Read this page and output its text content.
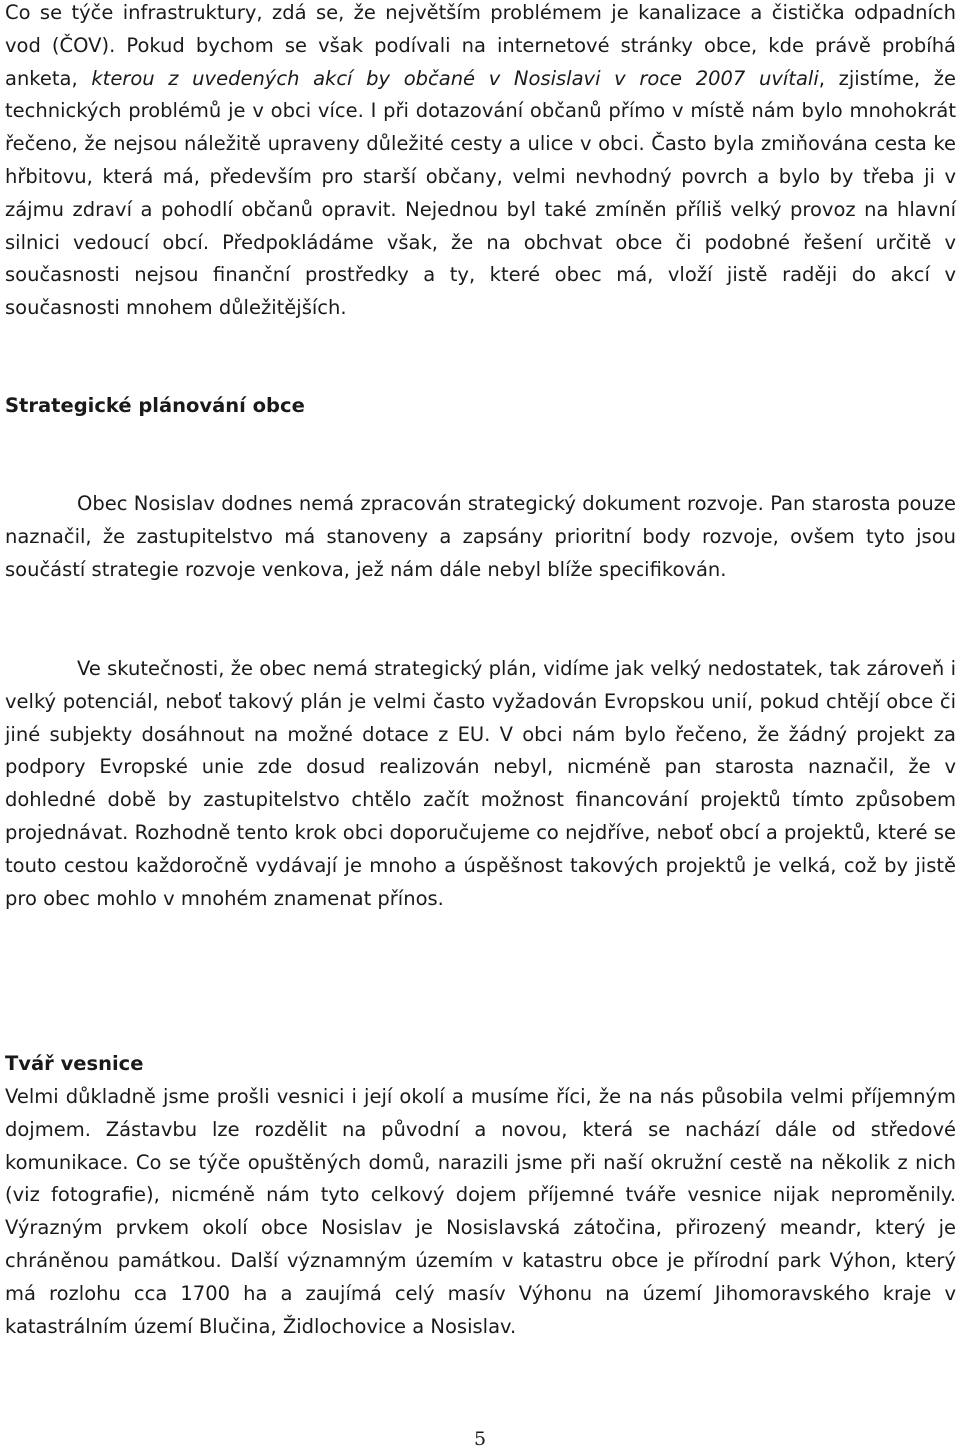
Co se týče infrastruktury, zdá se, že největším problémem je kanalizace a čistička odpadních vod (ČOV). Pokud bychom se však podívali na internetové stránky obce, kde právě probíhá anketa, kterou z uvedených akcí by občané v Nosislavi v roce 2007 uvítali, zjistíme, že technických problémů je v obci více. I při dotazování občanů přímo v místě nám bylo mnohokrát řečeno, že nejsou náležitě upraveny důležité cesty a ulice v obci. Často byla zmiňována cesta ke hřbitovu, která má, především pro starší občany, velmi nevhodný povrch a bylo by třeba ji v zájmu zdraví a pohodlí občanů opravit. Nejednou byl také zmíněn příliš velký provoz na hlavní silnici vedoucí obcí. Předpokládáme však, že na obchvat obce či podobné řešení určitě v současnosti nejsou finanční prostředky a ty, které obec má, vloží jistě raději do akcí v současnosti mnohem důležitějších.

Strategické plánování obce

Obec Nosislav dodnes nemá zpracován strategický dokument rozvoje. Pan starosta pouze naznačil, že zastupitelstvo má stanoveny a zapsány prioritní body rozvoje, ovšem tyto jsou součástí strategie rozvoje venkova, jež nám dále nebyl blíže specifikován.

Ve skutečnosti, že obec nemá strategický plán, vidíme jak velký nedostatek, tak zároveň i velký potenciál, neboť takový plán je velmi často vyžadován Evropskou unií, pokud chtějí obce či jiné subjekty dosáhnout na možné dotace z EU. V obci nám bylo řečeno, že žádný projekt za podpory Evropské unie zde dosud realizován nebyl, nicméně pan starosta naznačil, že v dohledné době by zastupitelstvo chtělo začít možnost financování projektů tímto způsobem projednávat. Rozhodně tento krok obci doporučujeme co nejdříve, neboť obcí a projektů, které se touto cestou každoročně vydávají je mnoho a úspěšnost takových projektů je velká, což by jistě pro obec mohlo v mnohém znamenat přínos.

Tvář vesnice

Velmi důkladně jsme prošli vesnici i její okolí a musíme říci, že na nás působila velmi příjemným dojmem. Zástavbu lze rozdělit na původní a novou, která se nachází dále od středové komunikace. Co se týče opuštěných domů, narazili jsme při naší okružní cestě na několik z nich (viz fotografie), nicméně nám tyto celkový dojem příjemné tváře vesnice nijak neproměnily. Výrazným prvkem okolí obce Nosislav je Nosislavská zátočina, přirozený meandr, který je chráněnou památkou. Další významným územím v katastru obce je přírodní park Výhon, který má rozlohu cca 1700 ha a zaujímá celý masív Výhonu na území Jihomoravského kraje v katastrálním území Blučina, Židlochovice a Nosislav.

5
